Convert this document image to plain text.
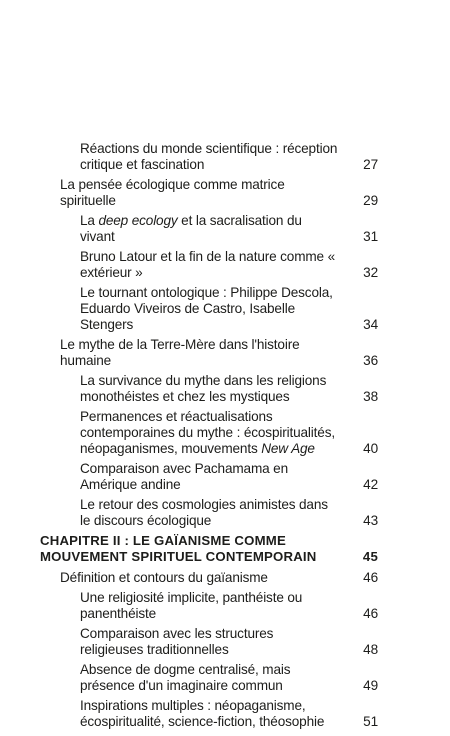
Réactions du monde scientifique : réception critique et fascination	27
La pensée écologique comme matrice spirituelle	29
La deep ecology et la sacralisation du vivant	31
Bruno Latour et la fin de la nature comme « extérieur »	32
Le tournant ontologique : Philippe Descola, Eduardo Viveiros de Castro, Isabelle Stengers	34
Le mythe de la Terre-Mère dans l'histoire humaine	36
La survivance du mythe dans les religions monothéistes et chez les mystiques	38
Permanences et réactualisations contemporaines du mythe : écospiritualités, néopaganismes, mouvements New Age	40
Comparaison avec Pachamama en Amérique andine	42
Le retour des cosmologies animistes dans le discours écologique	43
CHAPITRE II : LE GAÏANISME COMME MOUVEMENT SPIRITUEL CONTEMPORAIN	45
Définition et contours du gaïanisme	46
Une religiosité implicite, panthéiste ou panenthéiste	46
Comparaison avec les structures religieuses traditionnelles	48
Absence de dogme centralisé, mais présence d'un imaginaire commun	49
Inspirations multiples : néopaganisme, écospiritualité, science-fiction, théosophie	51
